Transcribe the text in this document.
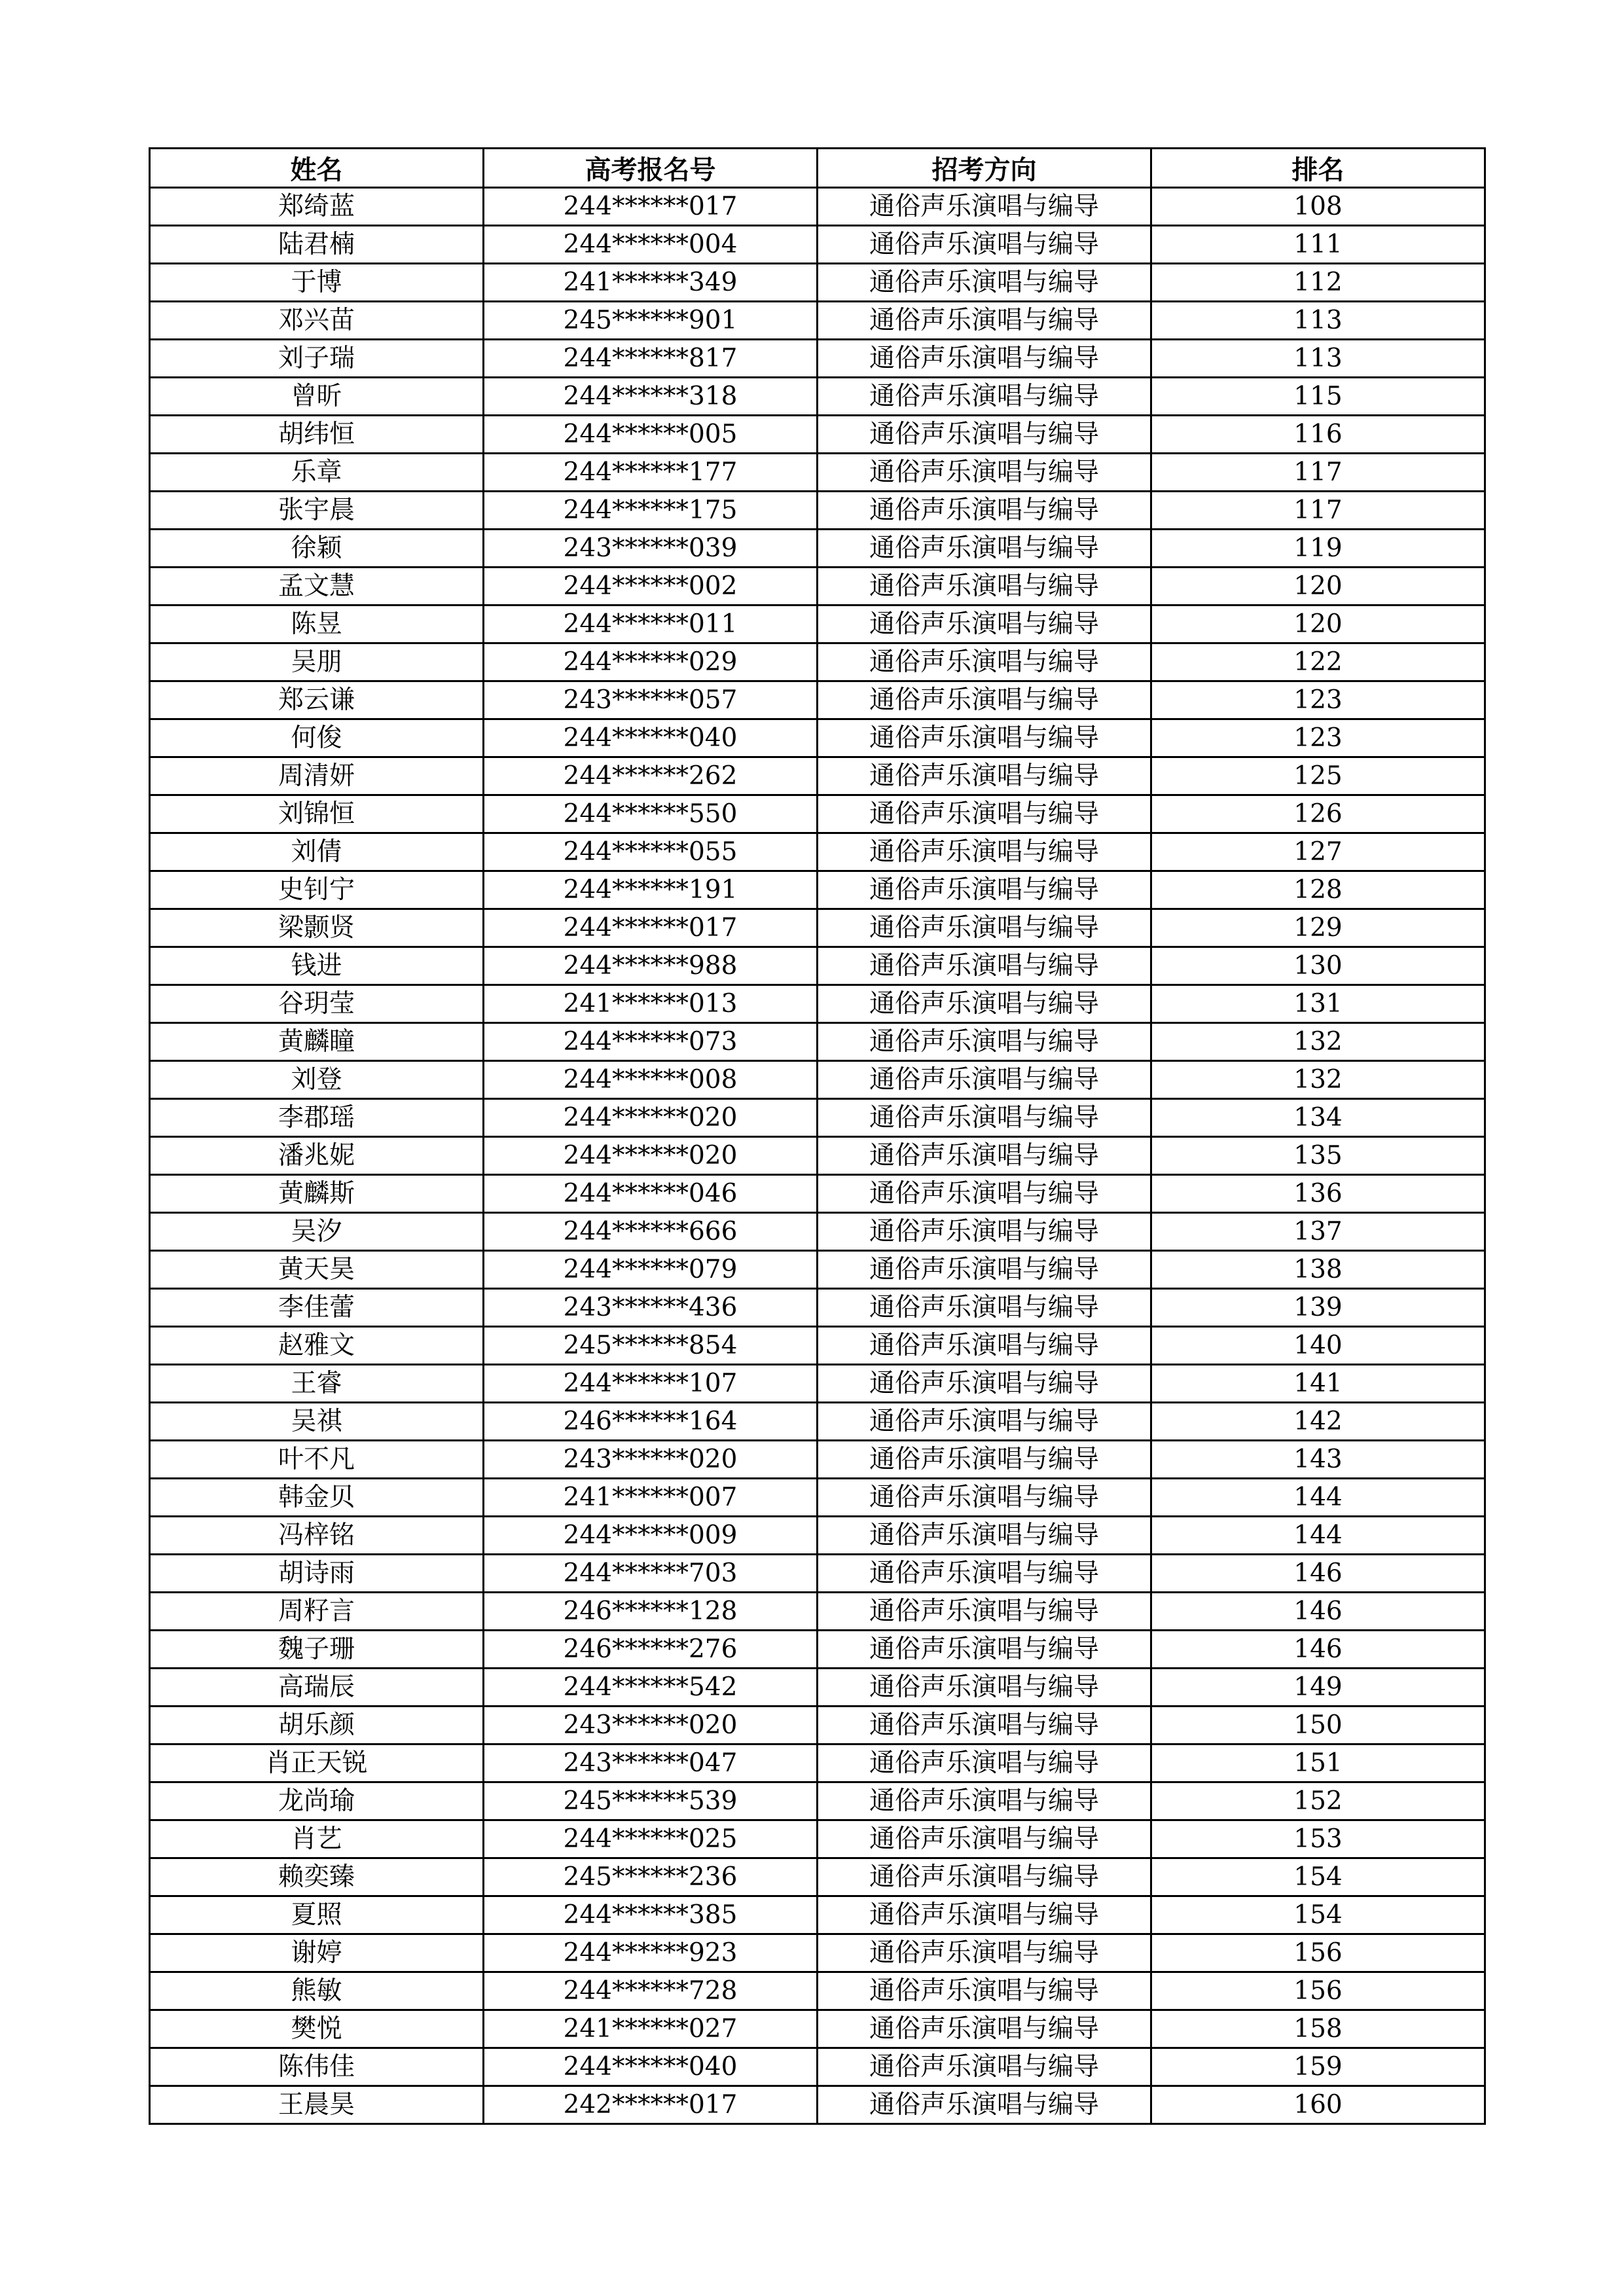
姓名	高考报名号	招考方向	排名
郑绮蓝	244******017	通俗声乐演唱与编导	108
陆君楠	244******004	通俗声乐演唱与编导	111
于博	241******349	通俗声乐演唱与编导	112
邓兴苗	245******901	通俗声乐演唱与编导	113
刘子瑞	244******817	通俗声乐演唱与编导	113
曾昕	244******318	通俗声乐演唱与编导	115
胡纬恒	244******005	通俗声乐演唱与编导	116
乐章	244******177	通俗声乐演唱与编导	117
张宇晨	244******175	通俗声乐演唱与编导	117
徐颖	243******039	通俗声乐演唱与编导	119
孟文慧	244******002	通俗声乐演唱与编导	120
陈昱	244******011	通俗声乐演唱与编导	120
吴朋	244******029	通俗声乐演唱与编导	122
郑云谦	243******057	通俗声乐演唱与编导	123
何俊	244******040	通俗声乐演唱与编导	123
周清妍	244******262	通俗声乐演唱与编导	125
刘锦恒	244******550	通俗声乐演唱与编导	126
刘倩	244******055	通俗声乐演唱与编导	127
史钊宁	244******191	通俗声乐演唱与编导	128
梁颢贤	244******017	通俗声乐演唱与编导	129
钱进	244******988	通俗声乐演唱与编导	130
谷玥莹	241******013	通俗声乐演唱与编导	131
黄麟瞳	244******073	通俗声乐演唱与编导	132
刘登	244******008	通俗声乐演唱与编导	132
李郡瑶	244******020	通俗声乐演唱与编导	134
潘兆妮	244******020	通俗声乐演唱与编导	135
黄麟斯	244******046	通俗声乐演唱与编导	136
吴汐	244******666	通俗声乐演唱与编导	137
黄天昊	244******079	通俗声乐演唱与编导	138
李佳蕾	243******436	通俗声乐演唱与编导	139
赵雅文	245******854	通俗声乐演唱与编导	140
王睿	244******107	通俗声乐演唱与编导	141
吴祺	246******164	通俗声乐演唱与编导	142
叶不凡	243******020	通俗声乐演唱与编导	143
韩金贝	241******007	通俗声乐演唱与编导	144
冯梓铭	244******009	通俗声乐演唱与编导	144
胡诗雨	244******703	通俗声乐演唱与编导	146
周籽言	246******128	通俗声乐演唱与编导	146
魏子珊	246******276	通俗声乐演唱与编导	146
高瑞辰	244******542	通俗声乐演唱与编导	149
胡乐颜	243******020	通俗声乐演唱与编导	150
肖正天锐	243******047	通俗声乐演唱与编导	151
龙尚瑜	245******539	通俗声乐演唱与编导	152
肖艺	244******025	通俗声乐演唱与编导	153
赖奕臻	245******236	通俗声乐演唱与编导	154
夏照	244******385	通俗声乐演唱与编导	154
谢婷	244******923	通俗声乐演唱与编导	156
熊敏	244******728	通俗声乐演唱与编导	156
樊悦	241******027	通俗声乐演唱与编导	158
陈伟佳	244******040	通俗声乐演唱与编导	159
王晨昊	242******017	通俗声乐演唱与编导	160
